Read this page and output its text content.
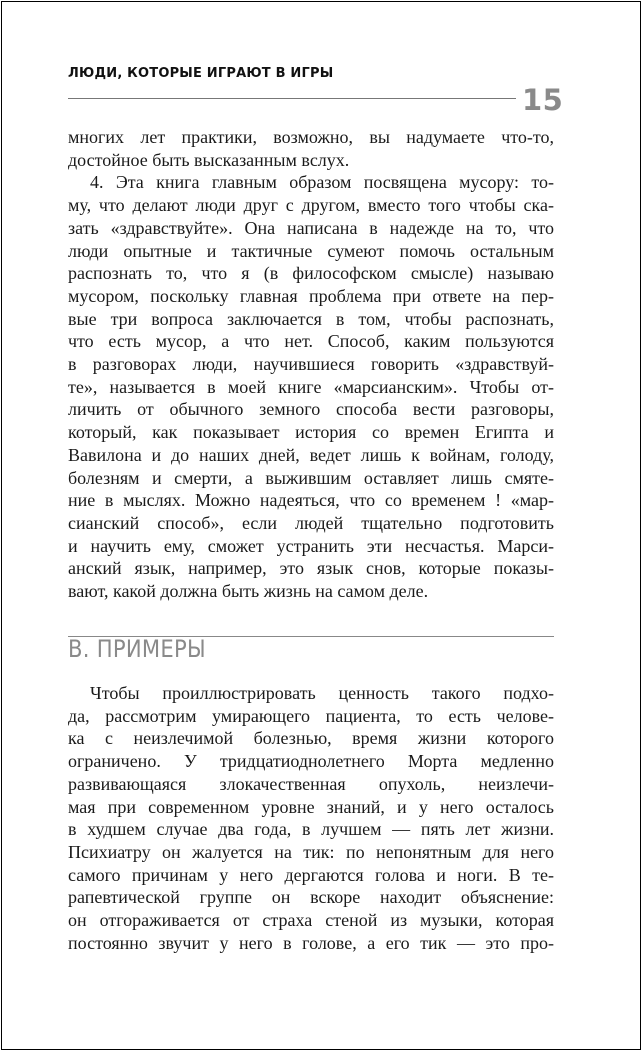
ЛЮДИ, КОТОРЫЕ ИГРАЮТ В ИГРЫ
15
многих лет практики, возможно, вы надумаете что-то,
достойное быть высказанным вслух.
4. Эта книга главным образом посвящена мусору: то-
му, что делают люди друг с другом, вместо того чтобы ска-
зать «здравствуйте». Она написана в надежде на то, что
люди опытные и тактичные сумеют помочь остальным
распознать то, что я (в философском смысле) называю
мусором, поскольку главная проблема при ответе на пер-
вые три вопроса заключается в том, чтобы распознать,
что есть мусор, а что нет. Способ, каким пользуются
в разговорах люди, научившиеся говорить «здравствуй-
те», называется в моей книге «марсианским». Чтобы от-
личить от обычного земного способа вести разговоры,
который, как показывает история со времен Египта и
Вавилона и до наших дней, ведет лишь к войнам, голоду,
болезням и смерти, а выжившим оставляет лишь смяте-
ние в мыслях. Можно надеяться, что со временем ! «мар-
сианский способ», если людей тщательно подготовить
и научить ему, сможет устранить эти несчастья. Марси-
анский язык, например, это язык снов, которые показы-
вают, какой должна быть жизнь на самом деле.
B. ПРИМЕРЫ
Чтобы проиллюстрировать ценность такого подхо-
да, рассмотрим умирающего пациента, то есть челове-
ка с неизлечимой болезнью, время жизни которого
ограничено. У тридцатиоднолетнего Морта медленно
развивающаяся злокачественная опухоль, неизлечи-
мая при современном уровне знаний, и у него осталось
в худшем случае два года, в лучшем — пять лет жизни.
Психиатру он жалуется на тик: по непонятным для него
самого причинам у него дергаются голова и ноги. В те-
рапевтической группе он вскоре находит объяснение:
он отгораживается от страха стеной из музыки, которая
постоянно звучит у него в голове, а его тик — это про-
